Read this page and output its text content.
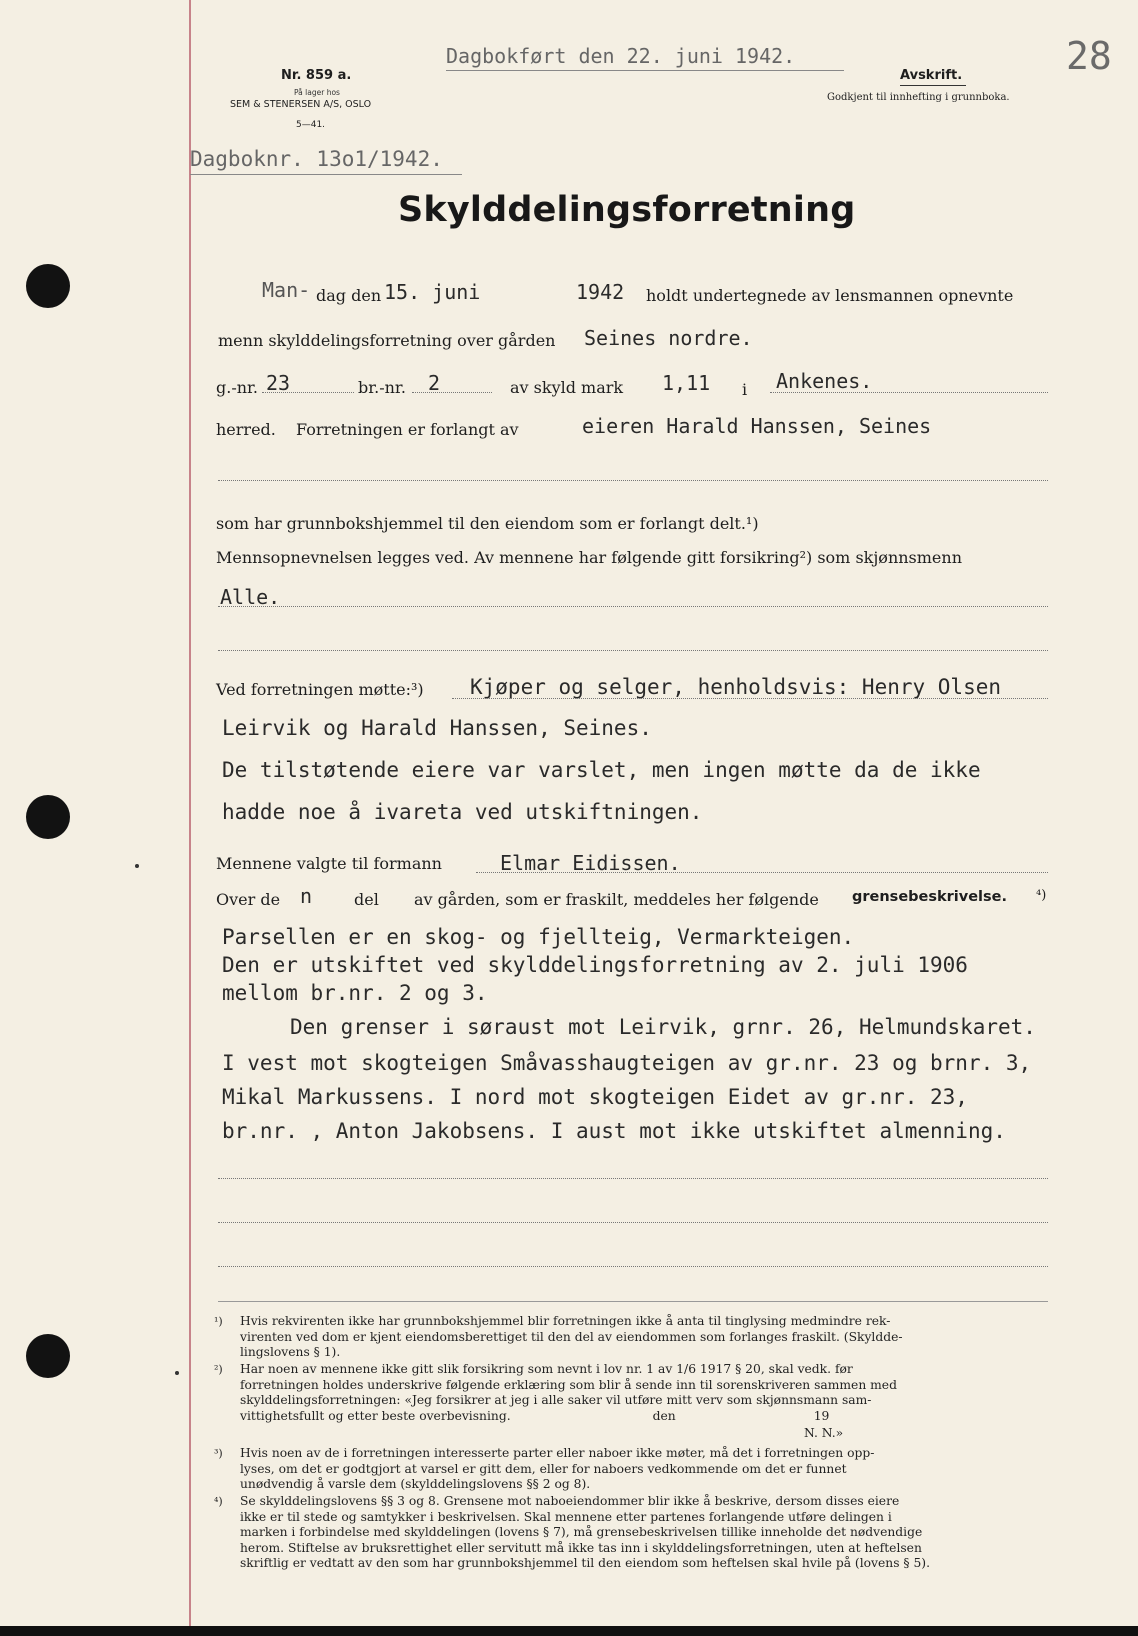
Nr. 859 a.
På lager hos
SEM & STENERSEN A/S, OSLO
5—41.
Dagbokført den 22. juni 1942.	28
Avskrift.
Godkjent til innhefting i grunnboka.
Dagboknr. 13o1/1942.
Skylddelingsforretning
Man- dag den 15. juni	1942 holdt undertegnede av lensmannen opnevnte
menn skylddelingsforretning over gården Seines nordre.
g.-nr. 23	br.-nr. 2	av skyld mark 1,11 i Ankenes.
herred. Forretningen er forlangt av	eieren Harald Hanssen, Seines
som har grunnbokshjemmel til den eiendom som er forlangt delt.¹)
Mennsopnevnelsen legges ved. Av mennene har følgende gitt forsikring²) som skjønnsmenn
Alle.
Ved forretningen møtte:³) Kjøper og selger, henholdsvis: Henry Olsen
Leirvik og Harald Hanssen, Seines.
De tilstøtende eiere var varslet, men ingen møtte da de ikke
hadde noe å ivareta ved utskiftningen.
Mennene valgte til formann	Elmar Eidissen.
Over de n	del av gården, som er fraskilt, meddeles her følgende grensebeskrivelse. ⁴)
Parsellen er en skog- og fjellteig, Vermarkteigen.
Den er utskiftet ved skylddelingsforretning av 2. juli 1906
mellom br.nr. 2 og 3.
Den grenser i søraust mot Leirvik, grnr. 26, Helmundskaret.
I vest mot skogteigen Småvasshaugteigen av gr.nr. 23 og brnr. 3,
Mikal Markussens. I nord mot skogteigen Eidet av gr.nr. 23,
br.nr. , Anton Jakobsens. I aust mot ikke utskiftet almenning.
¹) Hvis rekvirenten ikke har grunnbokshjemmel blir forretningen ikke å anta til tinglysing medmindre rek-
virenten ved dom er kjent eiendomsberettiget til den del av eiendommen som forlanges fraskilt. (Skyldde-
lingslovens § 1).
²) Har noen av mennene ikke gitt slik forsikring som nevnt i lov nr. 1 av 1/6 1917 § 20, skal vedk. før
forretningen holdes underskrive følgende erklæring som blir å sende inn til sorenskriveren sammen med
skylddelingsforretningen: «Jeg forsikrer at jeg i alle saker vil utføre mitt verv som skjønnsmann sam-
vittighetsfullt og etter beste overbevisning.	den	19
N. N.»
³) Hvis noen av de i forretningen interesserte parter eller naboer ikke møter, må det i forretningen opp-
lyses, om det er godtgjort at varsel er gitt dem, eller for naboers vedkommende om det er funnet
unødvendig å varsle dem (skylddelingslovens §§ 2 og 8).
⁴) Se skylddelingslovens §§ 3 og 8. Grensene mot naboeiendommer blir ikke å beskrive, dersom disses eiere
ikke er til stede og samtykker i beskrivelsen. Skal mennene etter partenes forlangende utføre delingen i
marken i forbindelse med skylddelingen (lovens § 7), må grensebeskrivelsen tillike inneholde det nødvendige
herom. Stiftelse av bruksrettighet eller servitutt må ikke tas inn i skylddelingsforretningen, uten at heftelsen
skriftlig er vedtatt av den som har grunnbokshjemmel til den eiendom som heftelsen skal hvile på (lovens § 5).
